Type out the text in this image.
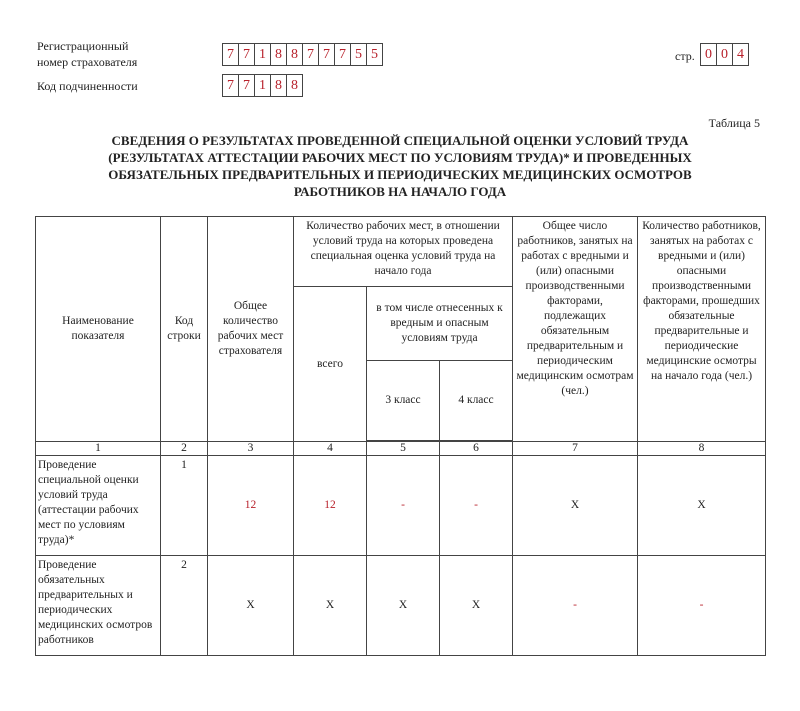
Регистрационный
номер страхователя	7 7 1 8 8 7 7 7 5 5	стр. 0 0 4
Код подчиненности	7 7 1 8 8
Таблица 5
СВЕДЕНИЯ О РЕЗУЛЬТАТАХ ПРОВЕДЕННОЙ СПЕЦИАЛЬНОЙ ОЦЕНКИ УСЛОВИЙ ТРУДА
(РЕЗУЛЬТАТАХ АТТЕСТАЦИИ РАБОЧИХ МЕСТ ПО УСЛОВИЯМ ТРУДА)* И ПРОВЕДЕННЫХ
ОБЯЗАТЕЛЬНЫХ ПРЕДВАРИТЕЛЬНЫХ И ПЕРИОДИЧЕСКИХ МЕДИЦИНСКИХ ОСМОТРОВ
РАБОТНИКОВ НА НАЧАЛО ГОДА
Наименование показателя	Код строки	Общее количество рабочих мест страхователя	Количество рабочих мест, в отношении условий труда на которых проведена специальная оценка условий труда на начало года			Общее число работников, занятых на работах с вредными и (или) опасными производственными факторами, подлежащих обязательным предварительным и периодическим медицинским осмотрам (чел.)	Количество работников, занятых на работах с вредными и (или) опасными производственными факторами, прошедших обязательные предварительные и периодические медицинские осмотры на начало года (чел.)
			всего	в том числе отнесенных к вредным и опасным условиям труда			
				3 класс	4 класс		

1	2	3	4	5	6	7	8
Проведение специальной оценки условий труда (аттестации рабочих мест по условиям труда)*	1	12	12	-	-	X	X
Проведение обязательных предварительных и периодических медицинских осмотров работников	2	X	X	X	X	-	-
